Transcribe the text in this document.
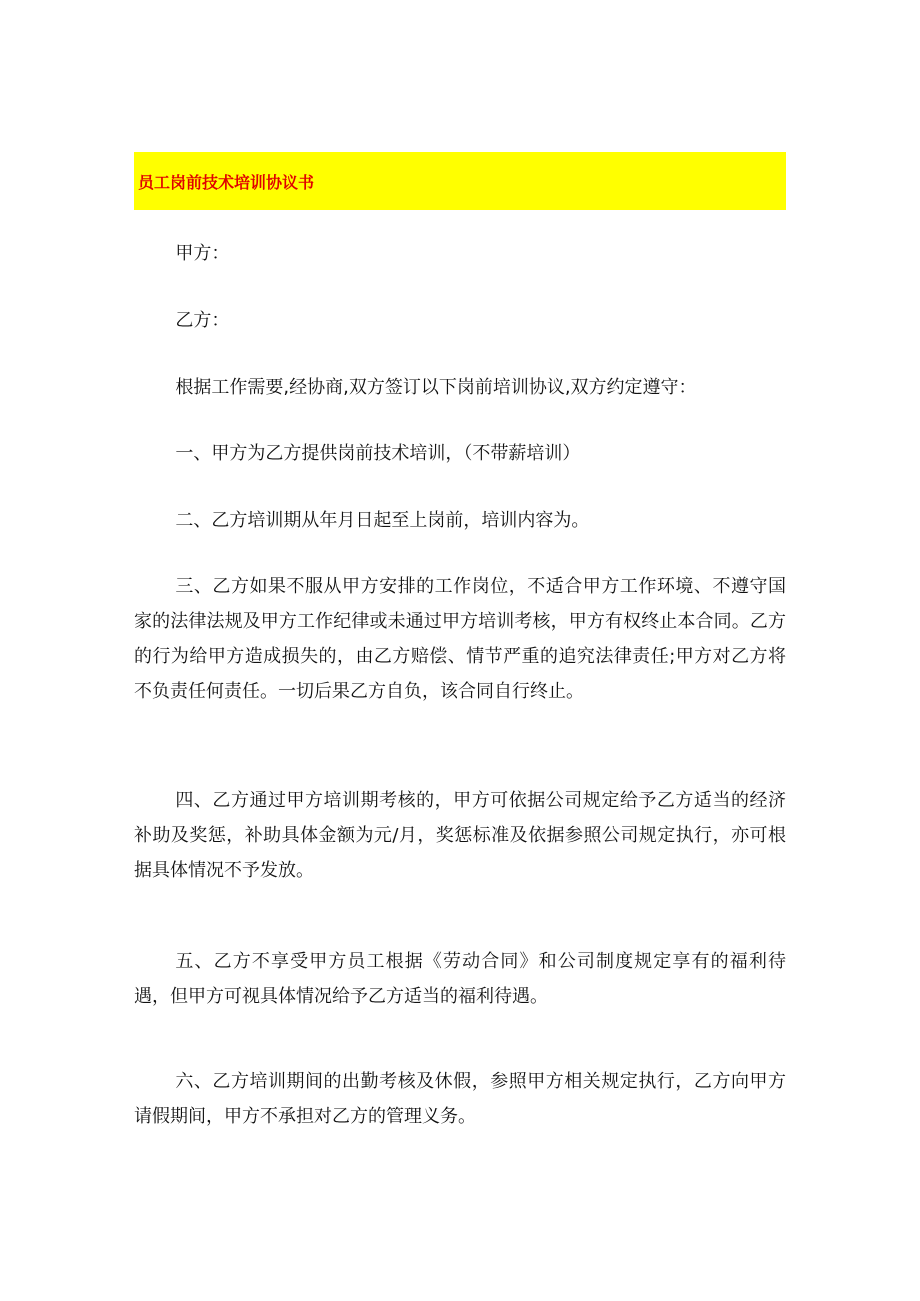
员工岗前技术培训协议书

甲方：

乙方：

根据工作需要,经协商,双方签订以下岗前培训协议,双方约定遵守：

一、甲方为乙方提供岗前技术培训，（不带薪培训）

二、乙方培训期从年月日起至上岗前，培训内容为。

三、乙方如果不服从甲方安排的工作岗位，不适合甲方工作环境、不遵守国家的法律法规及甲方工作纪律或未通过甲方培训考核，甲方有权终止本合同。乙方的行为给甲方造成损失的，由乙方赔偿、情节严重的追究法律责任;甲方对乙方将不负责任何责任。一切后果乙方自负，该合同自行终止。

四、乙方通过甲方培训期考核的，甲方可依据公司规定给予乙方适当的经济补助及奖惩，补助具体金额为元/月，奖惩标准及依据参照公司规定执行，亦可根据具体情况不予发放。

五、乙方不享受甲方员工根据《劳动合同》和公司制度规定享有的福利待遇，但甲方可视具体情况给予乙方适当的福利待遇。

六、乙方培训期间的出勤考核及休假，参照甲方相关规定执行，乙方向甲方请假期间，甲方不承担对乙方的管理义务。
